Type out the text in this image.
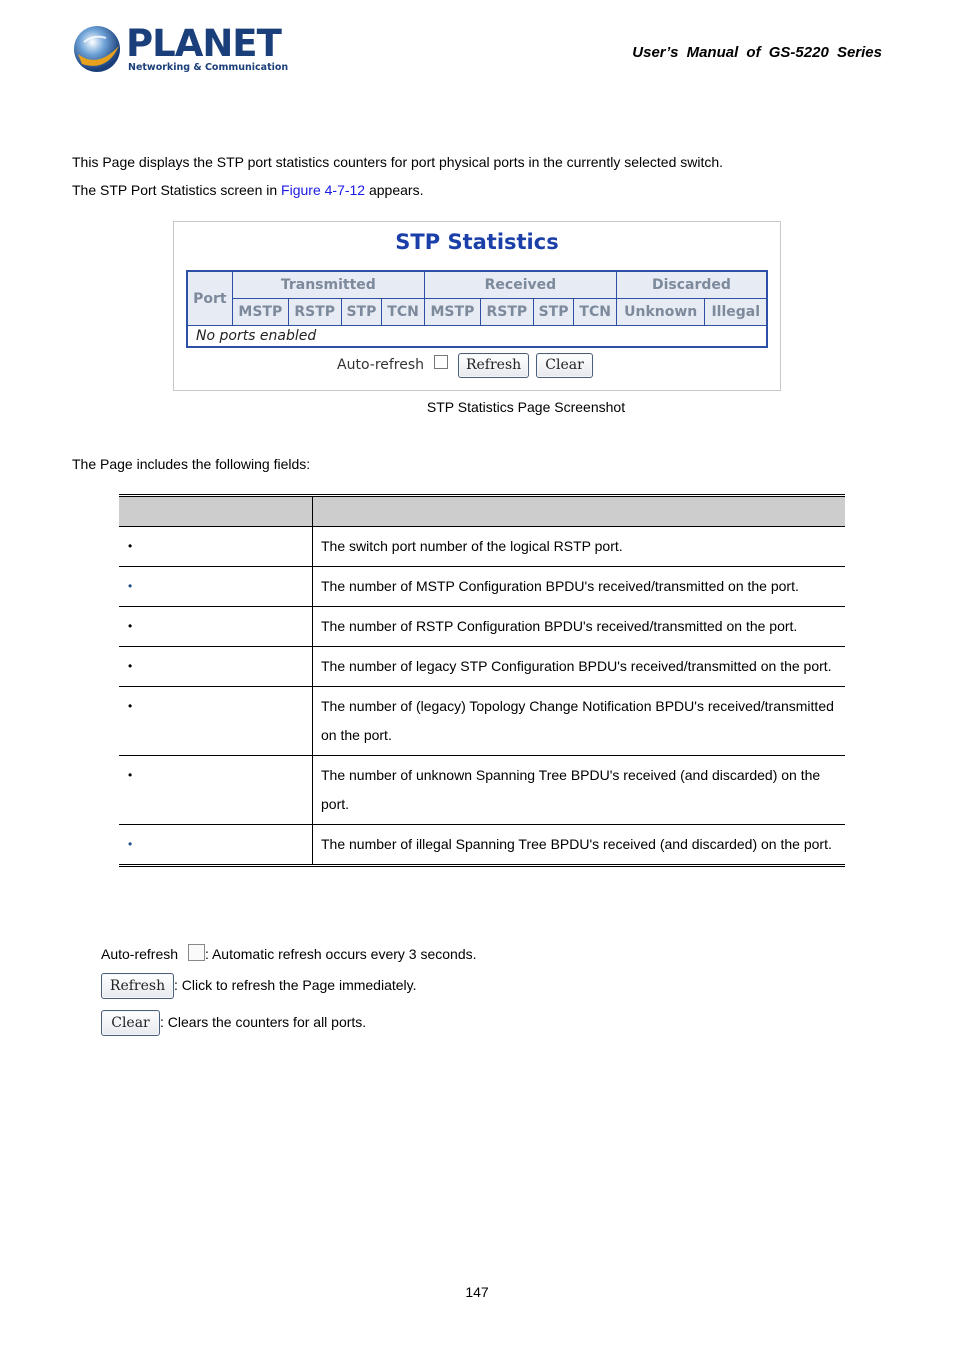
PLANET
Networking & Communication
User’s Manual of GS-5220 Series
This Page displays the STP port statistics counters for port physical ports in the currently selected switch.
The STP Port Statistics screen in Figure 4-7-12 appears.
STP Statistics
Port	Transmitted				Received				Discarded	
	MSTP	RSTP	STP	TCN	MSTP	RSTP	STP	TCN	Unknown	Illegal
No ports enabled										
Auto-refresh	Refresh	Clear
STP Statistics Page Screenshot
The Page includes the following fields:

•	The switch port number of the logical RSTP port.

•	The number of MSTP Configuration BPDU's received/transmitted on the port.

•	The number of RSTP Configuration BPDU's received/transmitted on the port.

•	The number of legacy STP Configuration BPDU's received/transmitted on the port.

•	The number of (legacy) Topology Change Notification BPDU's received/transmitted on the port.

•	The number of unknown Spanning Tree BPDU's received (and discarded) on the port.

•	The number of illegal Spanning Tree BPDU's received (and discarded) on the port.
Auto-refresh : Automatic refresh occurs every 3 seconds.
Refresh : Click to refresh the Page immediately.
Clear : Clears the counters for all ports.
147
